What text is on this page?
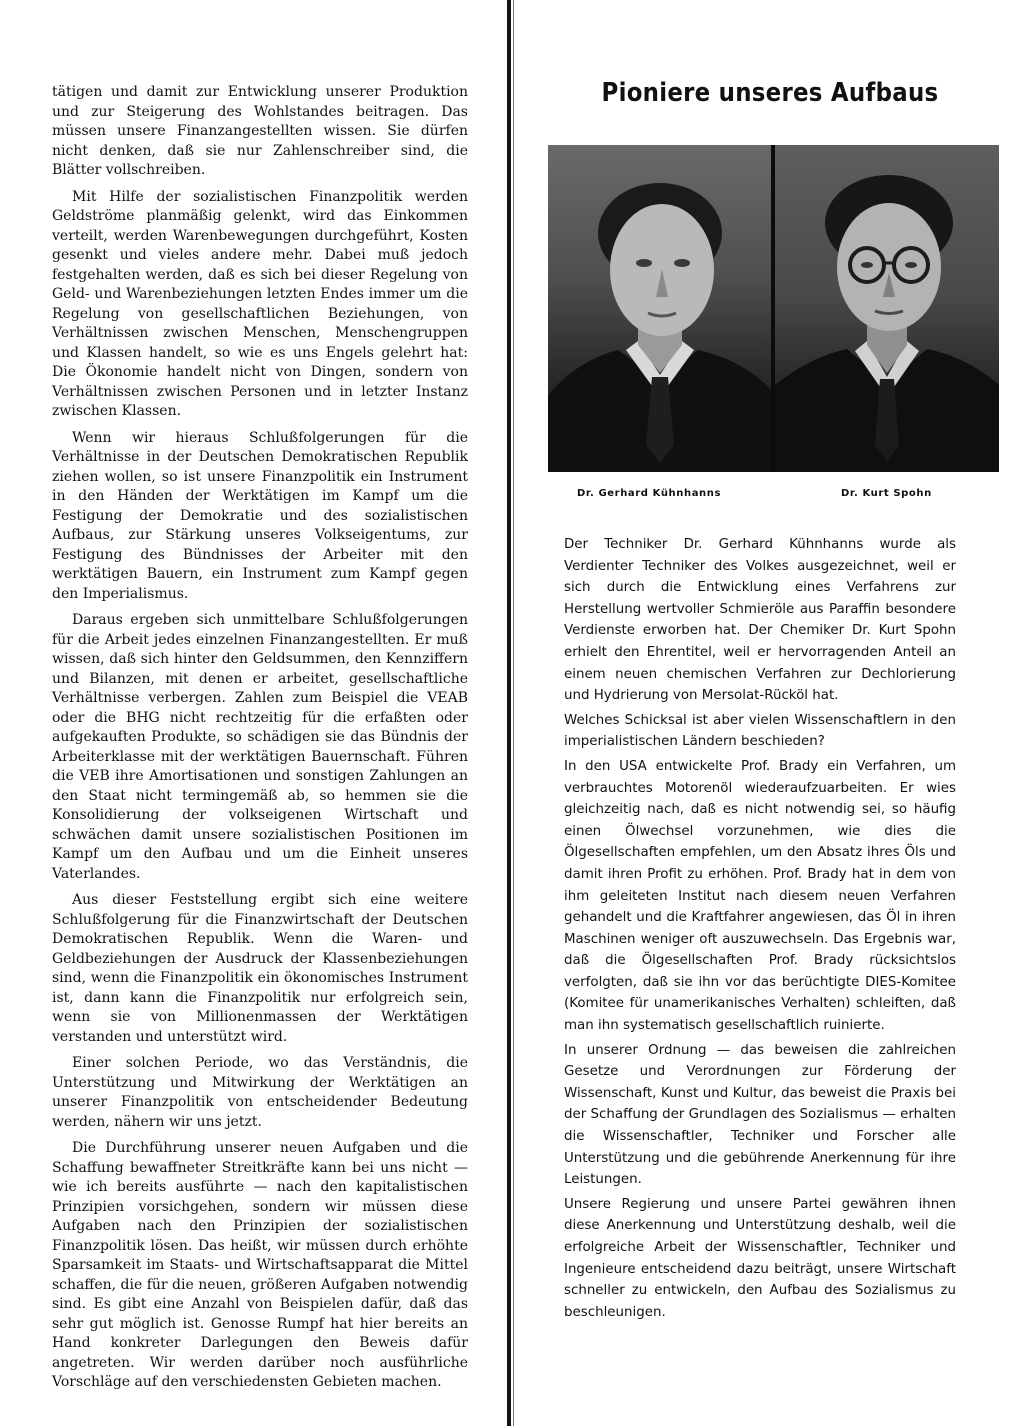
tätigen und damit zur Entwicklung unserer Produktion und zur Steigerung des Wohlstandes beitragen. Das müssen unsere Finanzangestellten wissen. Sie dürfen nicht denken, daß sie nur Zahlenschreiber sind, die Blätter vollschreiben.

Mit Hilfe der sozialistischen Finanzpolitik werden Geldströme planmäßig gelenkt, wird das Einkommen verteilt, werden Warenbewegungen durchgeführt, Kosten gesenkt und vieles andere mehr. Dabei muß jedoch festgehalten werden, daß es sich bei dieser Regelung von Geld- und Warenbeziehungen letzten Endes immer um die Regelung von gesellschaftlichen Beziehungen, von Verhältnissen zwischen Menschen, Menschengruppen und Klassen handelt, so wie es uns Engels gelehrt hat: Die Ökonomie handelt nicht von Dingen, sondern von Verhältnissen zwischen Personen und in letzter Instanz zwischen Klassen.

Wenn wir hieraus Schlußfolgerungen für die Verhältnisse in der Deutschen Demokratischen Republik ziehen wollen, so ist unsere Finanzpolitik ein Instrument in den Händen der Werktätigen im Kampf um die Festigung der Demokratie und des sozialistischen Aufbaus, zur Stärkung unseres Volkseigentums, zur Festigung des Bündnisses der Arbeiter mit den werktätigen Bauern, ein Instrument zum Kampf gegen den Imperialismus.

Daraus ergeben sich unmittelbare Schlußfolgerungen für die Arbeit jedes einzelnen Finanzangestellten. Er muß wissen, daß sich hinter den Geldsummen, den Kennziffern und Bilanzen, mit denen er arbeitet, gesellschaftliche Verhältnisse verbergen. Zahlen zum Beispiel die VEAB oder die BHG nicht rechtzeitig für die erfaßten oder aufgekauften Produkte, so schädigen sie das Bündnis der Arbeiterklasse mit der werktätigen Bauernschaft. Führen die VEB ihre Amortisationen und sonstigen Zahlungen an den Staat nicht termingemäß ab, so hemmen sie die Konsolidierung der volkseigenen Wirtschaft und schwächen damit unsere sozialistischen Positionen im Kampf um den Aufbau und um die Einheit unseres Vaterlandes.

Aus dieser Feststellung ergibt sich eine weitere Schlußfolgerung für die Finanzwirtschaft der Deutschen Demokratischen Republik. Wenn die Waren- und Geldbeziehungen der Ausdruck der Klassenbeziehungen sind, wenn die Finanzpolitik ein ökonomisches Instrument ist, dann kann die Finanzpolitik nur erfolgreich sein, wenn sie von Millionenmassen der Werktätigen verstanden und unterstützt wird.

Einer solchen Periode, wo das Verständnis, die Unterstützung und Mitwirkung der Werktätigen an unserer Finanzpolitik von entscheidender Bedeutung werden, nähern wir uns jetzt.

Die Durchführung unserer neuen Aufgaben und die Schaffung bewaffneter Streitkräfte kann bei uns nicht — wie ich bereits ausführte — nach den kapitalistischen Prinzipien vorsichgehen, sondern wir müssen diese Aufgaben nach den Prinzipien der sozialistischen Finanzpolitik lösen. Das heißt, wir müssen durch erhöhte Sparsamkeit im Staats- und Wirtschaftsapparat die Mittel schaffen, die für die neuen, größeren Aufgaben notwendig sind. Es gibt eine Anzahl von Beispielen dafür, daß das sehr gut möglich ist. Genosse Rumpf hat hier bereits an Hand konkreter Darlegungen den Beweis dafür angetreten. Wir werden darüber noch ausführliche Vorschläge auf den verschiedensten Gebieten machen.

Pioniere unseres Aufbaus

Dr. Gerhard Kühnhanns	Dr. Kurt Spohn

Der Techniker Dr. Gerhard Kühnhanns wurde als Verdienter Techniker des Volkes ausgezeichnet, weil er sich durch die Entwicklung eines Verfahrens zur Herstellung wertvoller Schmieröle aus Paraffin besondere Verdienste erworben hat. Der Chemiker Dr. Kurt Spohn erhielt den Ehrentitel, weil er hervorragenden Anteil an einem neuen chemischen Verfahren zur Dechlorierung und Hydrierung von Mersolat-Rücköl hat.

Welches Schicksal ist aber vielen Wissenschaftlern in den imperialistischen Ländern beschieden?

In den USA entwickelte Prof. Brady ein Verfahren, um verbrauchtes Motorenöl wiederaufzuarbeiten. Er wies gleichzeitig nach, daß es nicht notwendig sei, so häufig einen Ölwechsel vorzunehmen, wie dies die Ölgesellschaften empfehlen, um den Absatz ihres Öls und damit ihren Profit zu erhöhen. Prof. Brady hat in dem von ihm geleiteten Institut nach diesem neuen Verfahren gehandelt und die Kraftfahrer angewiesen, das Öl in ihren Maschinen weniger oft auszuwechseln. Das Ergebnis war, daß die Ölgesellschaften Prof. Brady rücksichtslos verfolgten, daß sie ihn vor das berüchtigte DIES-Komitee (Komitee für unamerikanisches Verhalten) schleiften, daß man ihn systematisch gesellschaftlich ruinierte.

In unserer Ordnung — das beweisen die zahlreichen Gesetze und Verordnungen zur Förderung der Wissenschaft, Kunst und Kultur, das beweist die Praxis bei der Schaffung der Grundlagen des Sozialismus — erhalten die Wissenschaftler, Techniker und Forscher alle Unterstützung und die gebührende Anerkennung für ihre Leistungen.

Unsere Regierung und unsere Partei gewähren ihnen diese Anerkennung und Unterstützung deshalb, weil die erfolgreiche Arbeit der Wissenschaftler, Techniker und Ingenieure entscheidend dazu beiträgt, unsere Wirtschaft schneller zu entwickeln, den Aufbau des Sozialismus zu beschleunigen.
